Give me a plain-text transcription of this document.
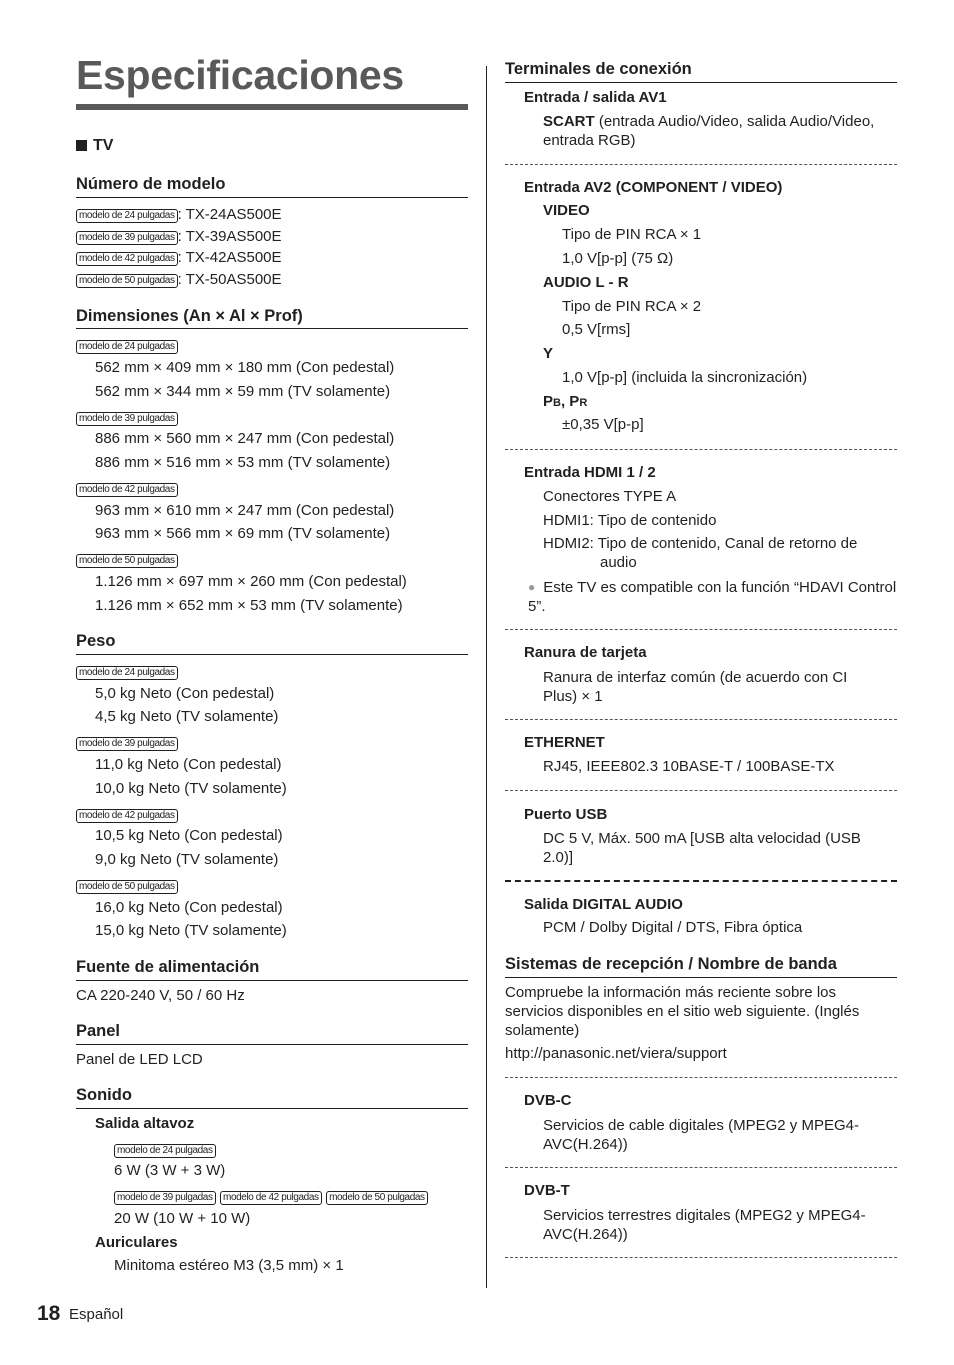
Especificaciones
TV
Número de modelo
modelo de 24 pulgadas : TX-24AS500E
modelo de 39 pulgadas : TX-39AS500E
modelo de 42 pulgadas : TX-42AS500E
modelo de 50 pulgadas : TX-50AS500E
Dimensiones (An × Al × Prof)
modelo de 24 pulgadas
562 mm × 409 mm × 180 mm (Con pedestal)
562 mm × 344 mm × 59 mm (TV solamente)
modelo de 39 pulgadas
886 mm × 560 mm × 247 mm (Con pedestal)
886 mm × 516 mm × 53 mm (TV solamente)
modelo de 42 pulgadas
963 mm × 610 mm × 247 mm (Con pedestal)
963 mm × 566 mm × 69 mm (TV solamente)
modelo de 50 pulgadas
1.126 mm × 697 mm × 260 mm (Con pedestal)
1.126 mm × 652 mm × 53 mm (TV solamente)
Peso
modelo de 24 pulgadas
5,0 kg Neto (Con pedestal)
4,5 kg Neto (TV solamente)
modelo de 39 pulgadas
11,0 kg Neto (Con pedestal)
10,0 kg Neto (TV solamente)
modelo de 42 pulgadas
10,5 kg Neto (Con pedestal)
9,0 kg Neto (TV solamente)
modelo de 50 pulgadas
16,0 kg Neto (Con pedestal)
15,0 kg Neto (TV solamente)
Fuente de alimentación
CA 220-240 V, 50 / 60 Hz
Panel
Panel de LED LCD
Sonido
Salida altavoz
modelo de 24 pulgadas
6 W (3 W + 3 W)
modelo de 39 pulgadas modelo de 42 pulgadas modelo de 50 pulgadas
20 W (10 W + 10 W)
Auriculares
Minitoma estéreo M3 (3,5 mm) × 1
Terminales de conexión
Entrada / salida AV1
SCART (entrada Audio/Video, salida Audio/Video, entrada RGB)
Entrada AV2 (COMPONENT / VIDEO)
VIDEO
Tipo de PIN RCA × 1
1,0 V[p-p] (75 Ω)
AUDIO L - R
Tipo de PIN RCA × 2
0,5 V[rms]
Y
1,0 V[p-p] (incluida la sincronización)
PB, PR
±0,35 V[p-p]
Entrada HDMI 1 / 2
Conectores TYPE A
HDMI1: Tipo de contenido
HDMI2: Tipo de contenido, Canal de retorno de
audio
● Este TV es compatible con la función “HDAVI Control 5”.
Ranura de tarjeta
Ranura de interfaz común (de acuerdo con CI Plus) × 1
ETHERNET
RJ45, IEEE802.3 10BASE-T / 100BASE-TX
Puerto USB
DC 5 V, Máx. 500 mA [USB alta velocidad (USB 2.0)]
Salida DIGITAL AUDIO
PCM / Dolby Digital / DTS, Fibra óptica
Sistemas de recepción / Nombre de banda
Compruebe la información más reciente sobre los servicios disponibles en el sitio web siguiente. (Inglés solamente)
http://panasonic.net/viera/support
DVB-C
Servicios de cable digitales (MPEG2 y MPEG4-AVC(H.264))
DVB-T
Servicios terrestres digitales (MPEG2 y MPEG4-AVC(H.264))
18 Español
